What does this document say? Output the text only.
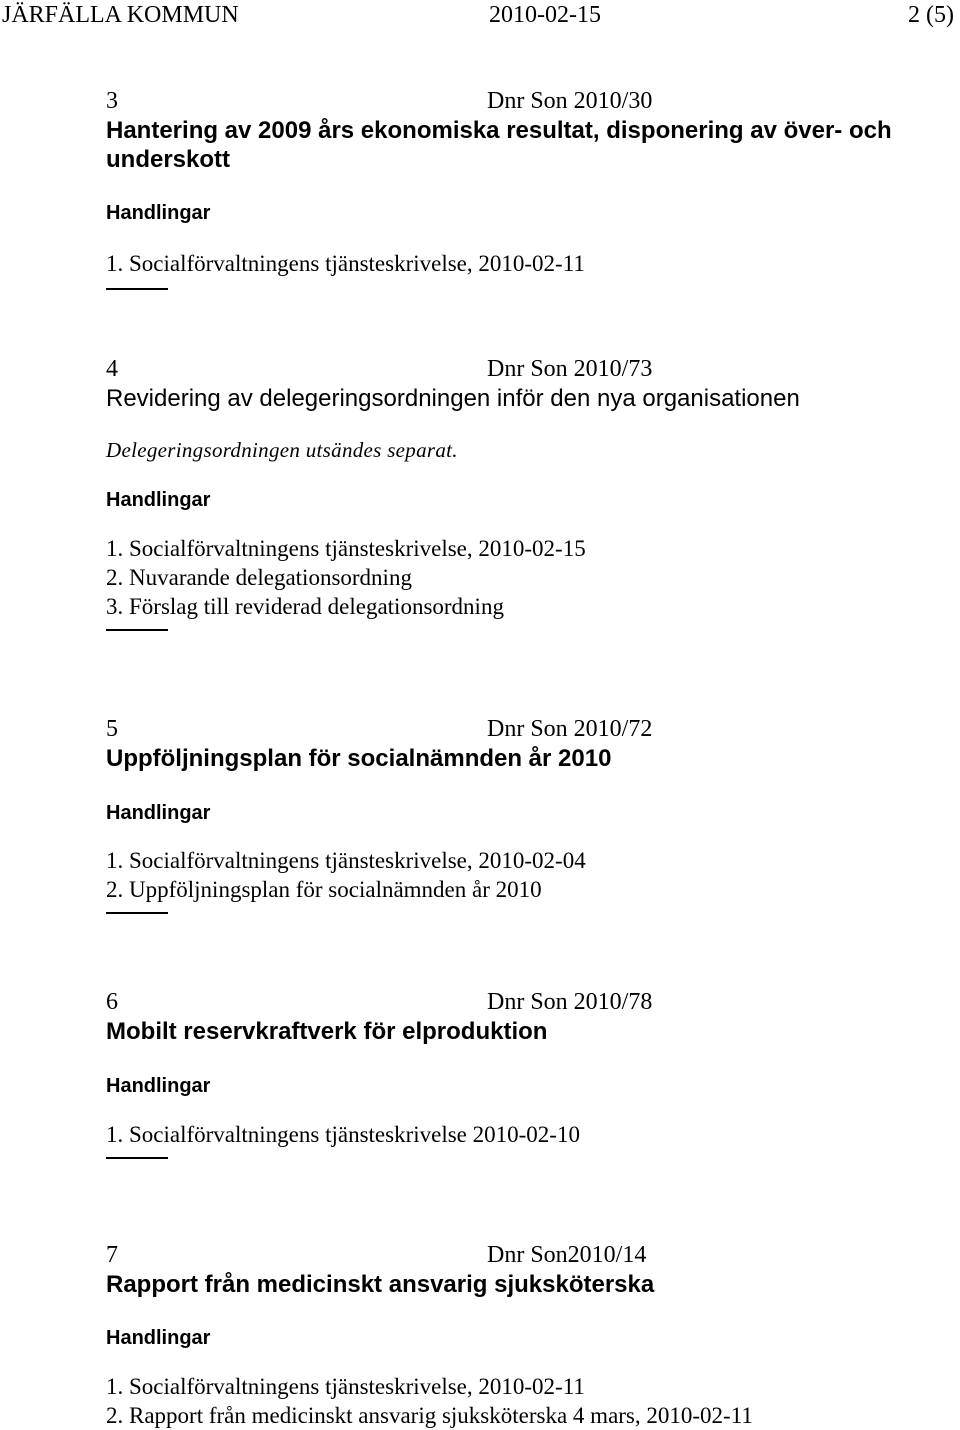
JÄRFÄLLA KOMMUN	2010-02-15	2 (5)
3	Dnr Son 2010/30

Hantering av 2009 års ekonomiska resultat, disponering av över- och

underskott

Handlingar
1. Socialförvaltningens tjänsteskrivelse, 2010-02-11
4	Dnr Son 2010/73

Revidering av delegeringsordningen inför den nya organisationen

Delegeringsordningen utsändes separat.
Handlingar
1. Socialförvaltningens tjänsteskrivelse, 2010-02-15
2. Nuvarande delegationsordning
3. Förslag till reviderad delegationsordning
5	Dnr Son 2010/72

Uppföljningsplan för socialnämnden år 2010

Handlingar
1. Socialförvaltningens tjänsteskrivelse, 2010-02-04
2. Uppföljningsplan för socialnämnden år 2010
6	Dnr Son 2010/78

Mobilt reservkraftverk för elproduktion

Handlingar
1. Socialförvaltningens tjänsteskrivelse 2010-02-10
7	Dnr Son2010/14

Rapport från medicinskt ansvarig sjuksköterska

Handlingar
1. Socialförvaltningens tjänsteskrivelse, 2010-02-11
2. Rapport från medicinskt ansvarig sjuksköterska 4 mars, 2010-02-11
